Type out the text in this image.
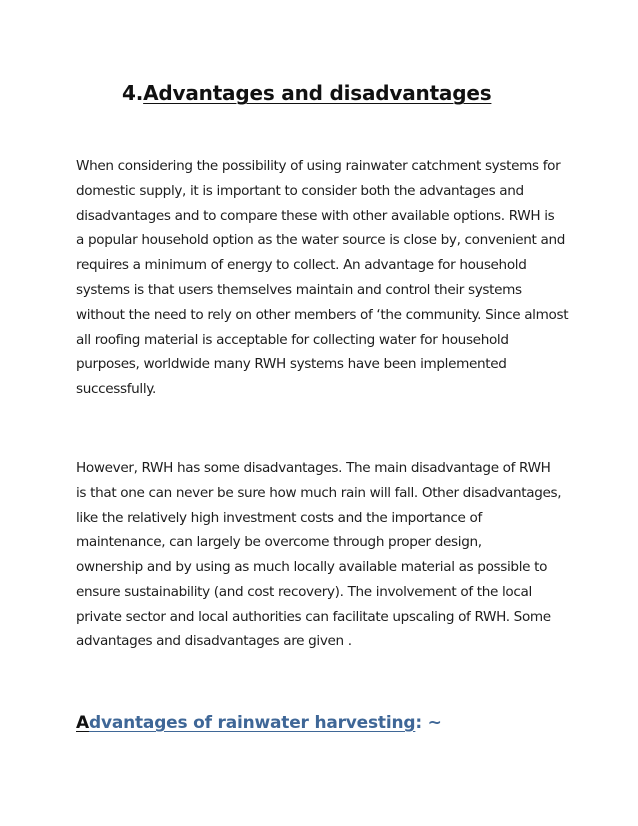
4.Advantages and disadvantages

When considering the possibility of using rainwater catchment systems for
domestic supply, it is important to consider both the advantages and
disadvantages and to compare these with other available options. RWH is
a popular household option as the water source is close by, convenient and
requires a minimum of energy to collect. An advantage for household
systems is that users themselves maintain and control their systems
without the need to rely on other members of ‘the community. Since almost
all roofing material is acceptable for collecting water for household
purposes, worldwide many RWH systems have been implemented
successfully.

However, RWH has some disadvantages. The main disadvantage of RWH
is that one can never be sure how much rain will fall. Other disadvantages,
like the relatively high investment costs and the importance of
maintenance, can largely be overcome through proper design,

ownership and by using as much locally available material as possible to
ensure sustainability (and cost recovery). The involvement of the local
private sector and local authorities can facilitate upscaling of RWH. Some
advantages and disadvantages are given .

Advantages of rainwater harvesting: ~
